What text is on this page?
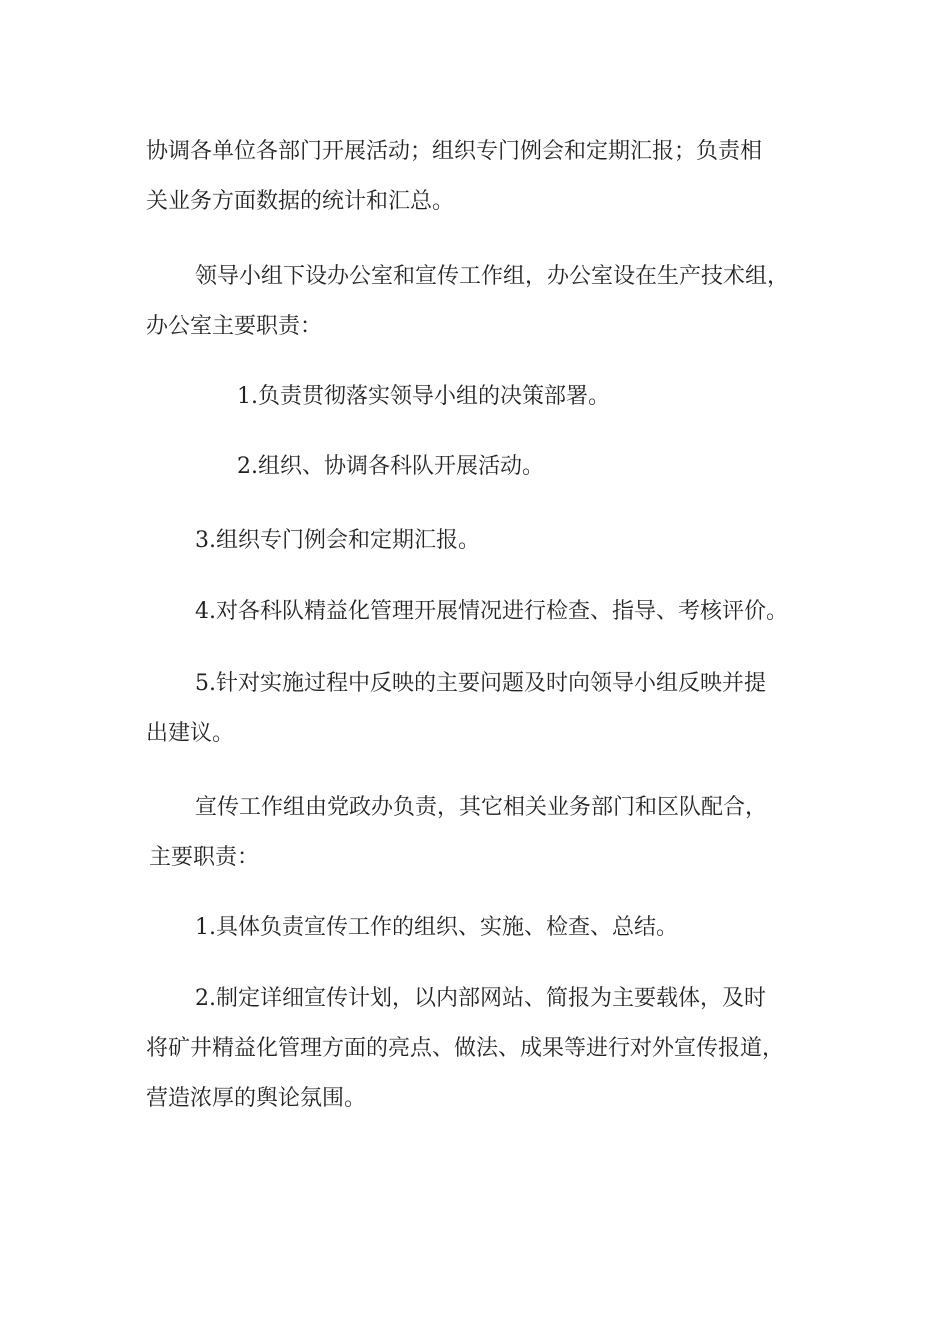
协调各单位各部门开展活动；组织专门例会和定期汇报；负责相

关业务方面数据的统计和汇总。

领导小组下设办公室和宣传工作组，办公室设在生产技术组，

办公室主要职责：

1.负责贯彻落实领导小组的决策部署。

2.组织、协调各科队开展活动。

3.组织专门例会和定期汇报。

4.对各科队精益化管理开展情况进行检查、指导、考核评价。

5.针对实施过程中反映的主要问题及时向领导小组反映并提

出建议。

宣传工作组由党政办负责，其它相关业务部门和区队配合，

主要职责：

1.具体负责宣传工作的组织、实施、检查、总结。

2.制定详细宣传计划，以内部网站、简报为主要载体，及时

将矿井精益化管理方面的亮点、做法、成果等进行对外宣传报道，

营造浓厚的舆论氛围。
